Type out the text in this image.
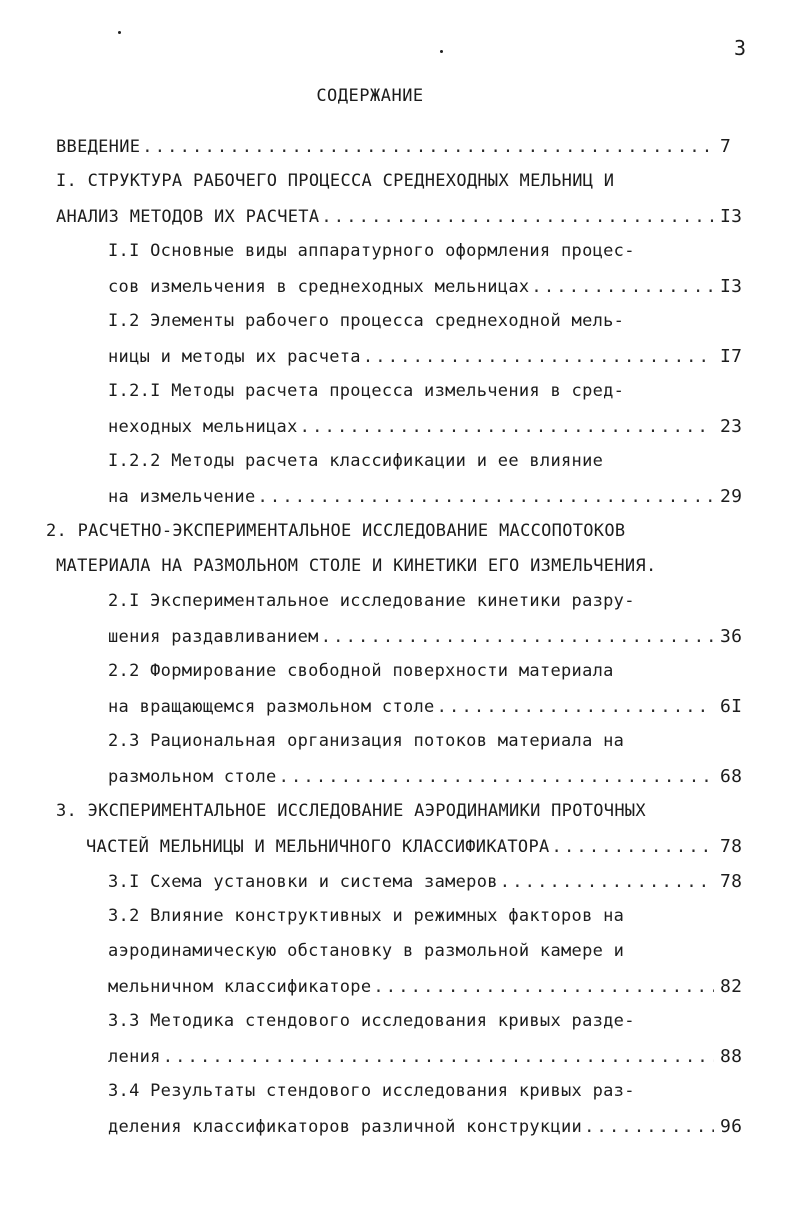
3
СОДЕРЖАНИЕ
ВВЕДЕНИЕ .....	7
I. СТРУКТУРА РАБОЧЕГО ПРОЦЕССА СРЕДНЕХОДНЫХ МЕЛЬНИЦ И
АНАЛИЗ МЕТОДОВ ИХ РАСЧЕТА .....	I3
I.I Основные виды аппаратурного оформления процес-
сов измельчения в среднеходных мельницах .....	I3
I.2 Элементы рабочего процесса среднеходной мель-
ницы и методы их расчета .....	I7
I.2.I Методы расчета процесса измельчения в сред-
неходных мельницах .....	23
I.2.2 Методы расчета классификации и ее влияние
на измельчение .....	29
2. РАСЧЕТНО-ЭКСПЕРИМЕНТАЛЬНОЕ ИССЛЕДОВАНИЕ МАССОПОТОКОВ
МАТЕРИАЛА НА РАЗМОЛЬНОМ СТОЛЕ И КИНЕТИКИ ЕГО ИЗМЕЛЬЧЕНИЯ.
2.I Экспериментальное исследование кинетики разру-
шения раздавливанием .....	36
2.2 Формирование свободной поверхности материала
на вращающемся размольном столе .....	6I
2.3 Рациональная организация потоков материала на
размольном столе .....	68
3. ЭКСПЕРИМЕНТАЛЬНОЕ ИССЛЕДОВАНИЕ АЭРОДИНАМИКИ ПРОТОЧНЫХ
ЧАСТЕЙ МЕЛЬНИЦЫ И МЕЛЬНИЧНОГО КЛАССИФИКАТОРА .....	78
3.I Схема установки и система замеров .....	78
3.2 Влияние конструктивных и режимных факторов на
аэродинамическую обстановку в размольной камере и
мельничном классификаторе .....	82
3.3 Методика стендового исследования кривых разде-
ления .....	88
3.4 Результаты стендового исследования кривых раз-
деления классификаторов различной конструкции .....	96
